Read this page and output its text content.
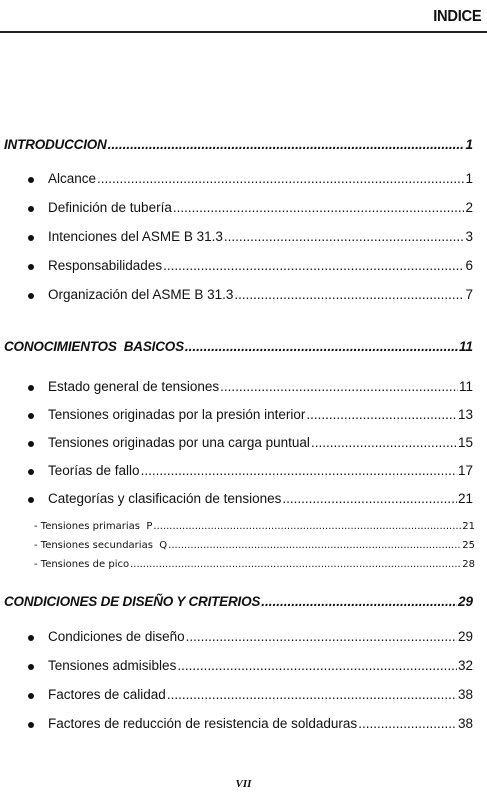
INDICE
INTRODUCCION .....	1
Alcance .....	1
Definición de tubería .....	2
Intenciones del ASME B 31.3 .....	3
Responsabilidades .....	6
Organización del ASME B 31.3 .....	7
CONOCIMIENTOS  BASICOS .....	11
Estado general de tensiones .....	11
Tensiones originadas por la presión interior .....	13
Tensiones originadas por una carga puntual .....	15
Teorías de fallo .....	17
Categorías y clasificación de tensiones .....	21
- Tensiones primarias  P .....	21
- Tensiones secundarias  Q .....	25
- Tensiones de pico .....	28
CONDICIONES DE DISEÑO Y CRITERIOS .....	29
Condiciones de diseño .....	29
Tensiones admisibles .....	32
Factores de calidad .....	38
Factores de reducción de resistencia de soldaduras .....	38
VII
